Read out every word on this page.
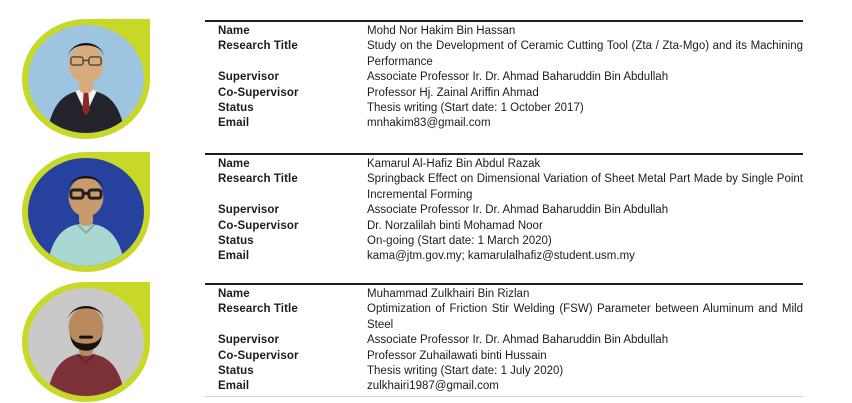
Name	Mohd Nor Hakim Bin Hassan
Research Title	Study on the Development of Ceramic Cutting Tool (Zta / Zta-Mgo) and its Machining Performance
Supervisor	Associate Professor Ir. Dr. Ahmad Baharuddin Bin Abdullah
Co-Supervisor	Professor Hj. Zainal Ariffin Ahmad
Status	Thesis writing (Start date: 1 October 2017)
Email	mnhakim83@gmail.com
Name	Kamarul Al-Hafiz Bin Abdul Razak
Research Title	Springback Effect on Dimensional Variation of Sheet Metal Part Made by Single Point Incremental Forming
Supervisor	Associate Professor Ir. Dr. Ahmad Baharuddin Bin Abdullah
Co-Supervisor	Dr. Norzalilah binti Mohamad Noor
Status	On-going (Start date: 1 March 2020)
Email	kama@jtm.gov.my; kamarulalhafiz@student.usm.my
Name	Muhammad Zulkhairi Bin Rizlan
Research Title	Optimization of Friction Stir Welding (FSW) Parameter between Aluminum and Mild Steel
Supervisor	Associate Professor Ir. Dr. Ahmad Baharuddin Bin Abdullah
Co-Supervisor	Professor Zuhailawati binti Hussain
Status	Thesis writing (Start date: 1 July 2020)
Email	zulkhairi1987@gmail.com
